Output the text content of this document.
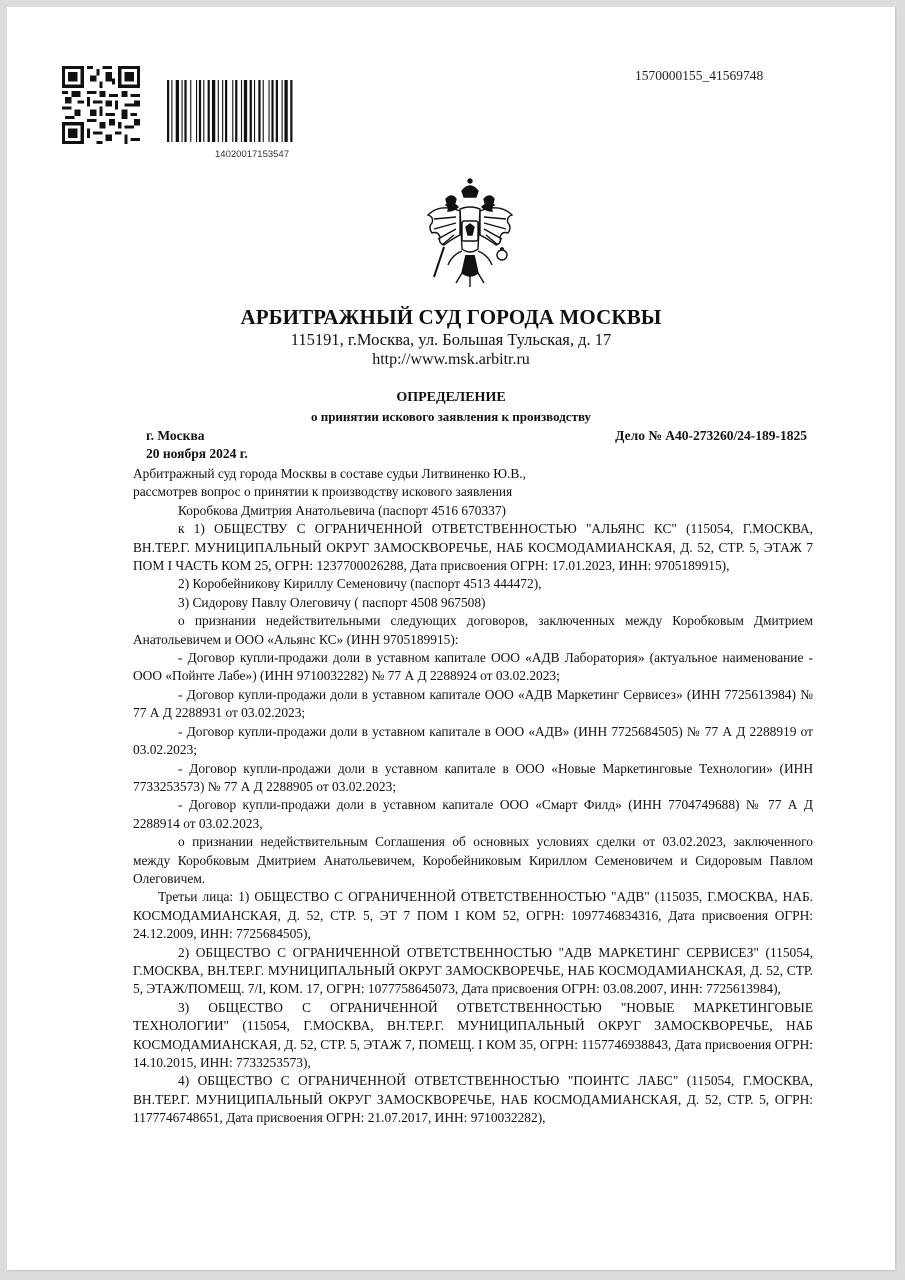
14020017153547
1570000155_41569748
АРБИТРАЖНЫЙ СУД ГОРОДА МОСКВЫ
115191, г.Москва, ул. Большая Тульская, д. 17
http://www.msk.arbitr.ru
ОПРЕДЕЛЕНИЕ
о принятии искового заявления к производству
г. Москва	Дело № А40-273260/24-189-1825
20 ноября 2024 г.

Арбитражный суд города Москвы в составе судьи Литвиненко Ю.В.,

рассмотрев вопрос о принятии к производству искового заявления

Коробкова Дмитрия Анатольевича (паспорт 4516 670337)

к 1) ОБЩЕСТВУ С ОГРАНИЧЕННОЙ ОТВЕТСТВЕННОСТЬЮ "АЛЬЯНС КС" (115054, Г.МОСКВА, ВН.ТЕР.Г. МУНИЦИПАЛЬНЫЙ ОКРУГ ЗАМОСКВОРЕЧЬЕ, НАБ КОСМОДАМИАНСКАЯ, Д. 52, СТР. 5, ЭТАЖ 7 ПОМ I ЧАСТЬ КОМ 25, ОГРН: 1237700026288, Дата присвоения ОГРН: 17.01.2023, ИНН: 9705189915),

2) Коробейникову Кириллу Семеновичу (паспорт 4513 444472),

3) Сидорову Павлу Олеговичу ( паспорт 4508 967508)

о признании недействительными следующих договоров, заключенных между Коробковым Дмитрием Анатольевичем и ООО «Альянс КС» (ИНН 9705189915):

- Договор купли-продажи доли в уставном капитале ООО «АДВ Лаборатория» (актуальное наименование - ООО «Пойнте Лабе») (ИНН 9710032282) № 77 А Д 2288924 от 03.02.2023;

- Договор купли-продажи доли в уставном капитале ООО «АДВ Маркетинг Сервисез» (ИНН 7725613984) № 77 А Д 2288931 от 03.02.2023;

- Договор купли-продажи доли в уставном капитале в ООО «АДВ» (ИНН 7725684505) № 77 А Д 2288919 от 03.02.2023;

- Договор купли-продажи доли в уставном капитале в ООО «Новые Маркетинговые Технологии» (ИНН 7733253573) № 77 А Д 2288905 от 03.02.2023;

- Договор купли-продажи доли в уставном капитале ООО «Смарт Филд» (ИНН 7704749688) № 77 А Д 2288914 от 03.02.2023,

о признании недействительным Соглашения об основных условиях сделки от 03.02.2023, заключенного между Коробковым Дмитрием Анатольевичем, Коробейниковым Кириллом Семеновичем и Сидоровым Павлом Олеговичем.

Третьи лица: 1) ОБЩЕСТВО С ОГРАНИЧЕННОЙ ОТВЕТСТВЕННОСТЬЮ "АДВ" (115035, Г.МОСКВА, НАБ. КОСМОДАМИАНСКАЯ, Д. 52, СТР. 5, ЭТ 7 ПОМ I КОМ 52, ОГРН: 1097746834316, Дата присвоения ОГРН: 24.12.2009, ИНН: 7725684505),

2) ОБЩЕСТВО С ОГРАНИЧЕННОЙ ОТВЕТСТВЕННОСТЬЮ "АДВ МАРКЕТИНГ СЕРВИСЕЗ" (115054, Г.МОСКВА, ВН.ТЕР.Г. МУНИЦИПАЛЬНЫЙ ОКРУГ ЗАМОСКВОРЕЧЬЕ, НАБ КОСМОДАМИАНСКАЯ, Д. 52, СТР. 5, ЭТАЖ/ПОМЕЩ. 7/I, КОМ. 17, ОГРН: 1077758645073, Дата присвоения ОГРН: 03.08.2007, ИНН: 7725613984),

3) ОБЩЕСТВО С ОГРАНИЧЕННОЙ ОТВЕТСТВЕННОСТЬЮ "НОВЫЕ МАРКЕТИНГОВЫЕ ТЕХНОЛОГИИ" (115054, Г.МОСКВА, ВН.ТЕР.Г. МУНИЦИПАЛЬНЫЙ ОКРУГ ЗАМОСКВОРЕЧЬЕ, НАБ КОСМОДАМИАНСКАЯ, Д. 52, СТР. 5, ЭТАЖ 7, ПОМЕЩ. I КОМ 35, ОГРН: 1157746938843, Дата присвоения ОГРН: 14.10.2015, ИНН: 7733253573),

4) ОБЩЕСТВО С ОГРАНИЧЕННОЙ ОТВЕТСТВЕННОСТЬЮ "ПОИНТС ЛАБС" (115054, Г.МОСКВА, ВН.ТЕР.Г. МУНИЦИПАЛЬНЫЙ ОКРУГ ЗАМОСКВОРЕЧЬЕ, НАБ КОСМОДАМИАНСКАЯ, Д. 52, СТР. 5, ОГРН: 1177746748651, Дата присвоения ОГРН: 21.07.2017, ИНН: 9710032282),
